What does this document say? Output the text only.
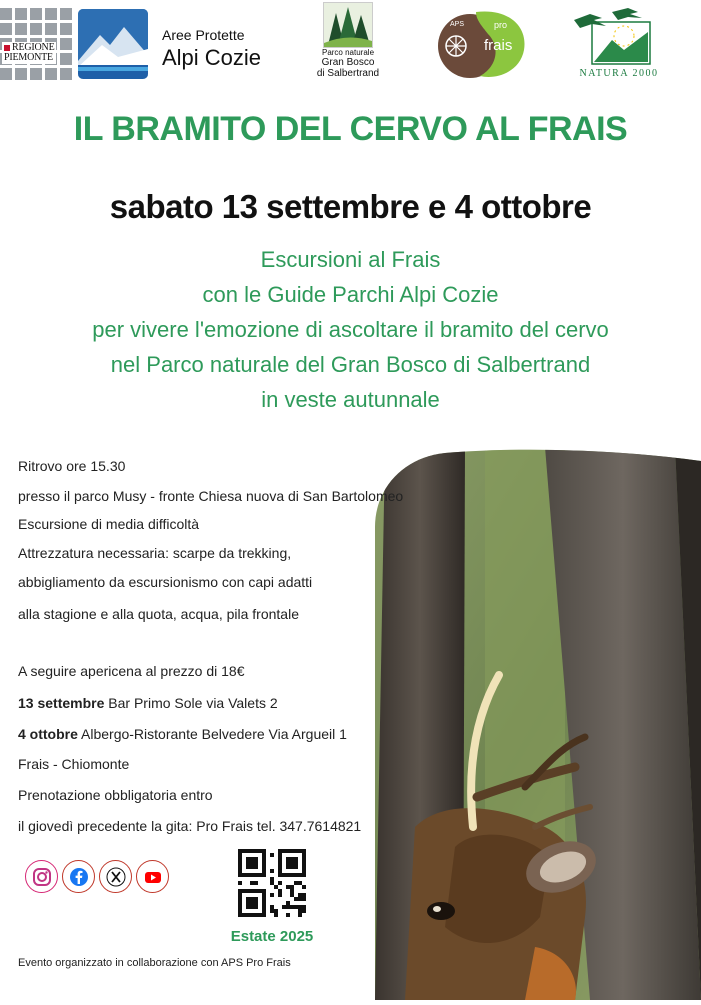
REGIONE
PIEMONTE
Aree Protette
Alpi Cozie	Parco naturale
Gran Bosco
di Salbertrand
APS	pro
frais
NATURA 2000
IL BRAMITO DEL CERVO AL FRAIS
sabato 13 settembre e 4 ottobre
Escursioni al Frais
con le Guide Parchi Alpi Cozie
per vivere l'emozione di ascoltare il bramito del cervo
nel Parco naturale del Gran Bosco di Salbertrand
in veste autunnale
Ritrovo ore 15.30
presso il parco Musy - fronte Chiesa nuova di San Bartolomeo
Escursione di media difficoltà
Attrezzatura necessaria: scarpe da trekking,
abbigliamento da escursionismo con capi adatti
alla stagione e alla quota, acqua, pila frontale
A seguire apericena al prezzo di 18€
13 settembre Bar Primo Sole via Valets 2
4 ottobre Albergo-Ristorante Belvedere Via Argueil 1
Frais - Chiomonte
Prenotazione obbligatoria entro
il giovedì precedente la gita: Pro Frais tel. 347.7614821
Estate 2025
Evento organizzato in collaborazione con APS Pro Frais
